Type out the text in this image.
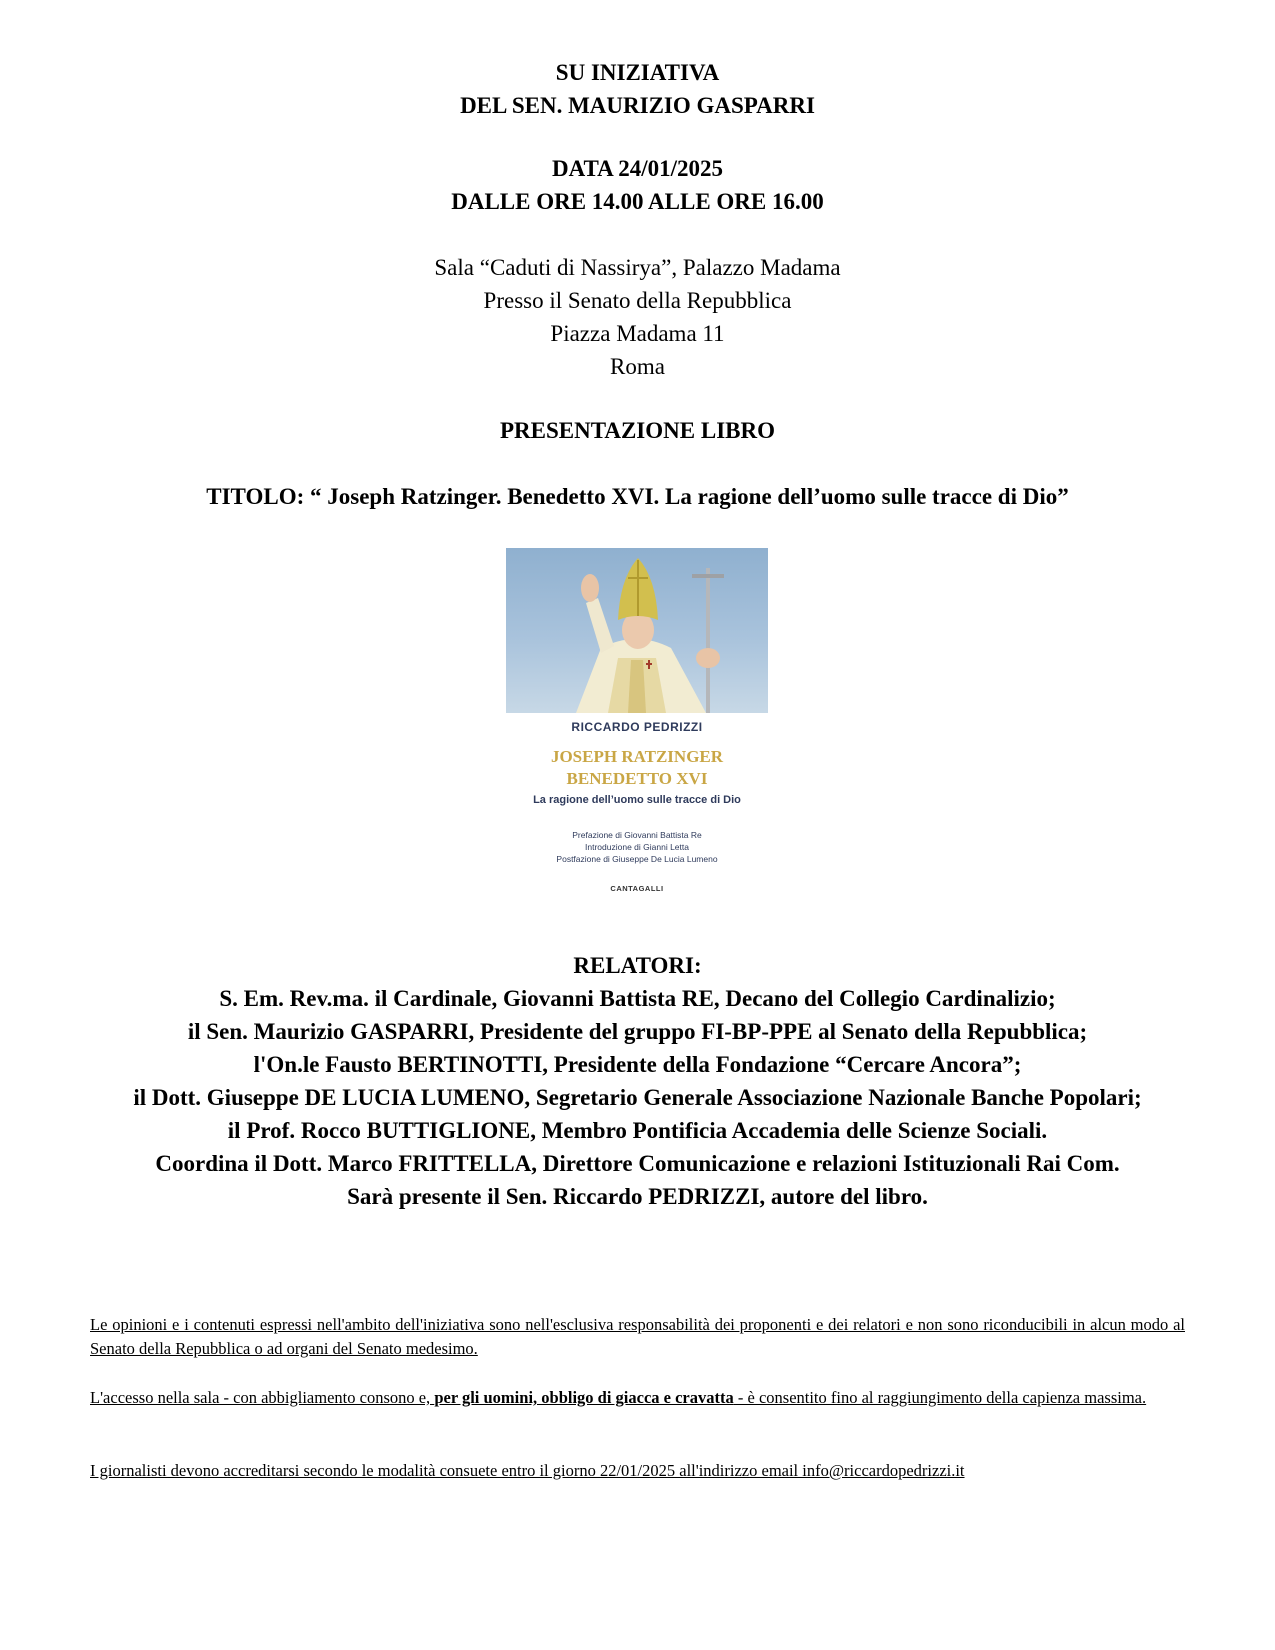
SU INIZIATIVA
DEL SEN. MAURIZIO GASPARRI
DATA 24/01/2025
DALLE ORE 14.00 ALLE ORE 16.00
Sala “Caduti di Nassirya”, Palazzo Madama
Presso il Senato della Repubblica
Piazza Madama 11
Roma
PRESENTAZIONE LIBRO
TITOLO: “ Joseph Ratzinger. Benedetto XVI. La ragione dell’uomo sulle tracce di Dio”
RICCARDO PEDRIZZI
JOSEPH RATZINGER
BENEDETTO XVI
La ragione dell’uomo sulle tracce di Dio
Prefazione di Giovanni Battista Re
Introduzione di Gianni Letta
Postfazione di Giuseppe De Lucia Lumeno
CANTAGALLI
RELATORI:
S. Em. Rev.ma. il Cardinale, Giovanni Battista RE, Decano del Collegio Cardinalizio;
il Sen. Maurizio GASPARRI, Presidente del gruppo FI-BP-PPE al Senato della Repubblica;
l'On.le Fausto BERTINOTTI, Presidente della Fondazione “Cercare Ancora”;
il Dott. Giuseppe DE LUCIA LUMENO, Segretario Generale Associazione Nazionale Banche Popolari;
il Prof. Rocco BUTTIGLIONE, Membro Pontificia Accademia delle Scienze Sociali.
Coordina il Dott. Marco FRITTELLA, Direttore Comunicazione e relazioni Istituzionali Rai Com.
Sarà presente il Sen. Riccardo PEDRIZZI, autore del libro.
Le opinioni e i contenuti espressi nell'ambito dell'iniziativa sono nell'esclusiva responsabilità dei proponenti e dei relatori e non sono riconducibili in alcun modo al Senato della Repubblica o ad organi del Senato medesimo.
L'accesso nella sala - con abbigliamento consono e, per gli uomini, obbligo di giacca e cravatta - è consentito fino al raggiungimento della capienza massima.
I giornalisti devono accreditarsi secondo le modalità consuete entro il giorno 22/01/2025 all'indirizzo email info@riccardopedrizzi.it
